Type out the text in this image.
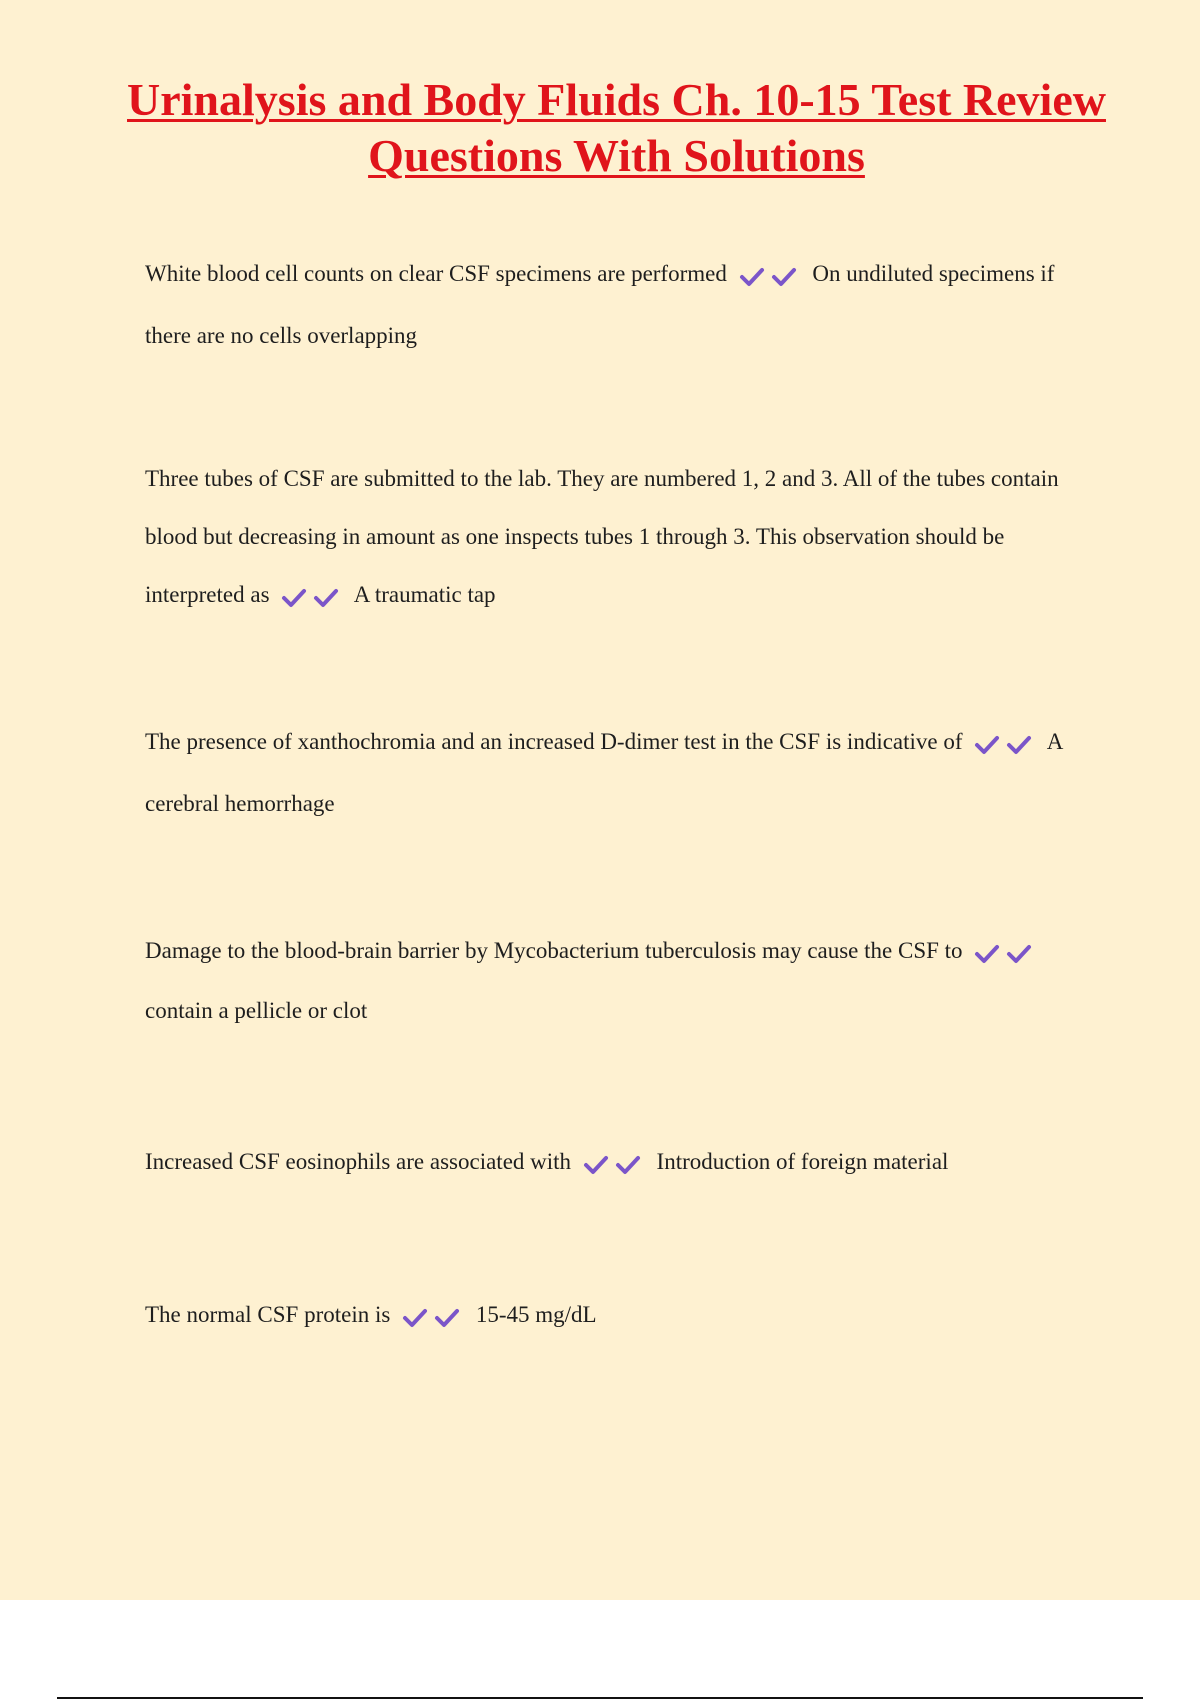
Urinalysis and Body Fluids Ch. 10-15 Test Review Questions With Solutions

White blood cell counts on clear CSF specimens are performed	On undiluted specimens if there are no cells overlapping

Three tubes of CSF are submitted to the lab. They are numbered 1, 2 and 3. All of the tubes contain blood but decreasing in amount as one inspects tubes 1 through 3. This observation should be interpreted as	A traumatic tap

The presence of xanthochromia and an increased D-dimer test in the CSF is indicative of	A cerebral hemorrhage

Damage to the blood-brain barrier by Mycobacterium tuberculosis may cause the CSF to
contain a pellicle or clot

Increased CSF eosinophils are associated with	Introduction of foreign material

The normal CSF protein is	15-45 mg/dL
